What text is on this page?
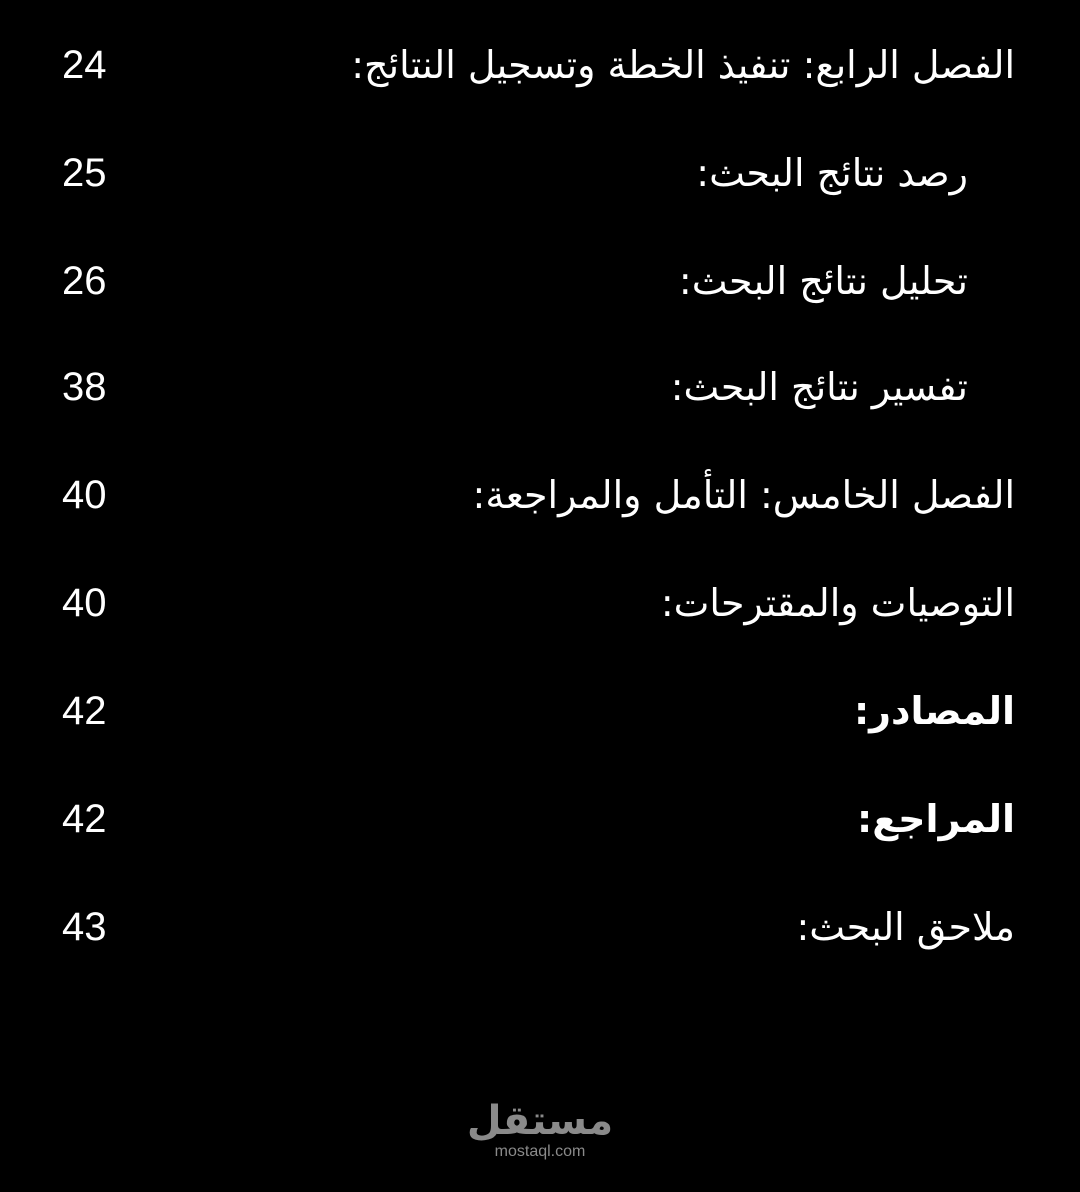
الفصل الرابع: تنفيذ الخطة وتسجيل النتائج:
24
رصد نتائج البحث:
25
تحليل نتائج البحث:
26
تفسير نتائج البحث:
38
الفصل الخامس: التأمل والمراجعة:
40
التوصيات والمقترحات:
40
المصادر:
42
المراجع:
42
ملاحق البحث:
43
مستقل
mostaql.com
